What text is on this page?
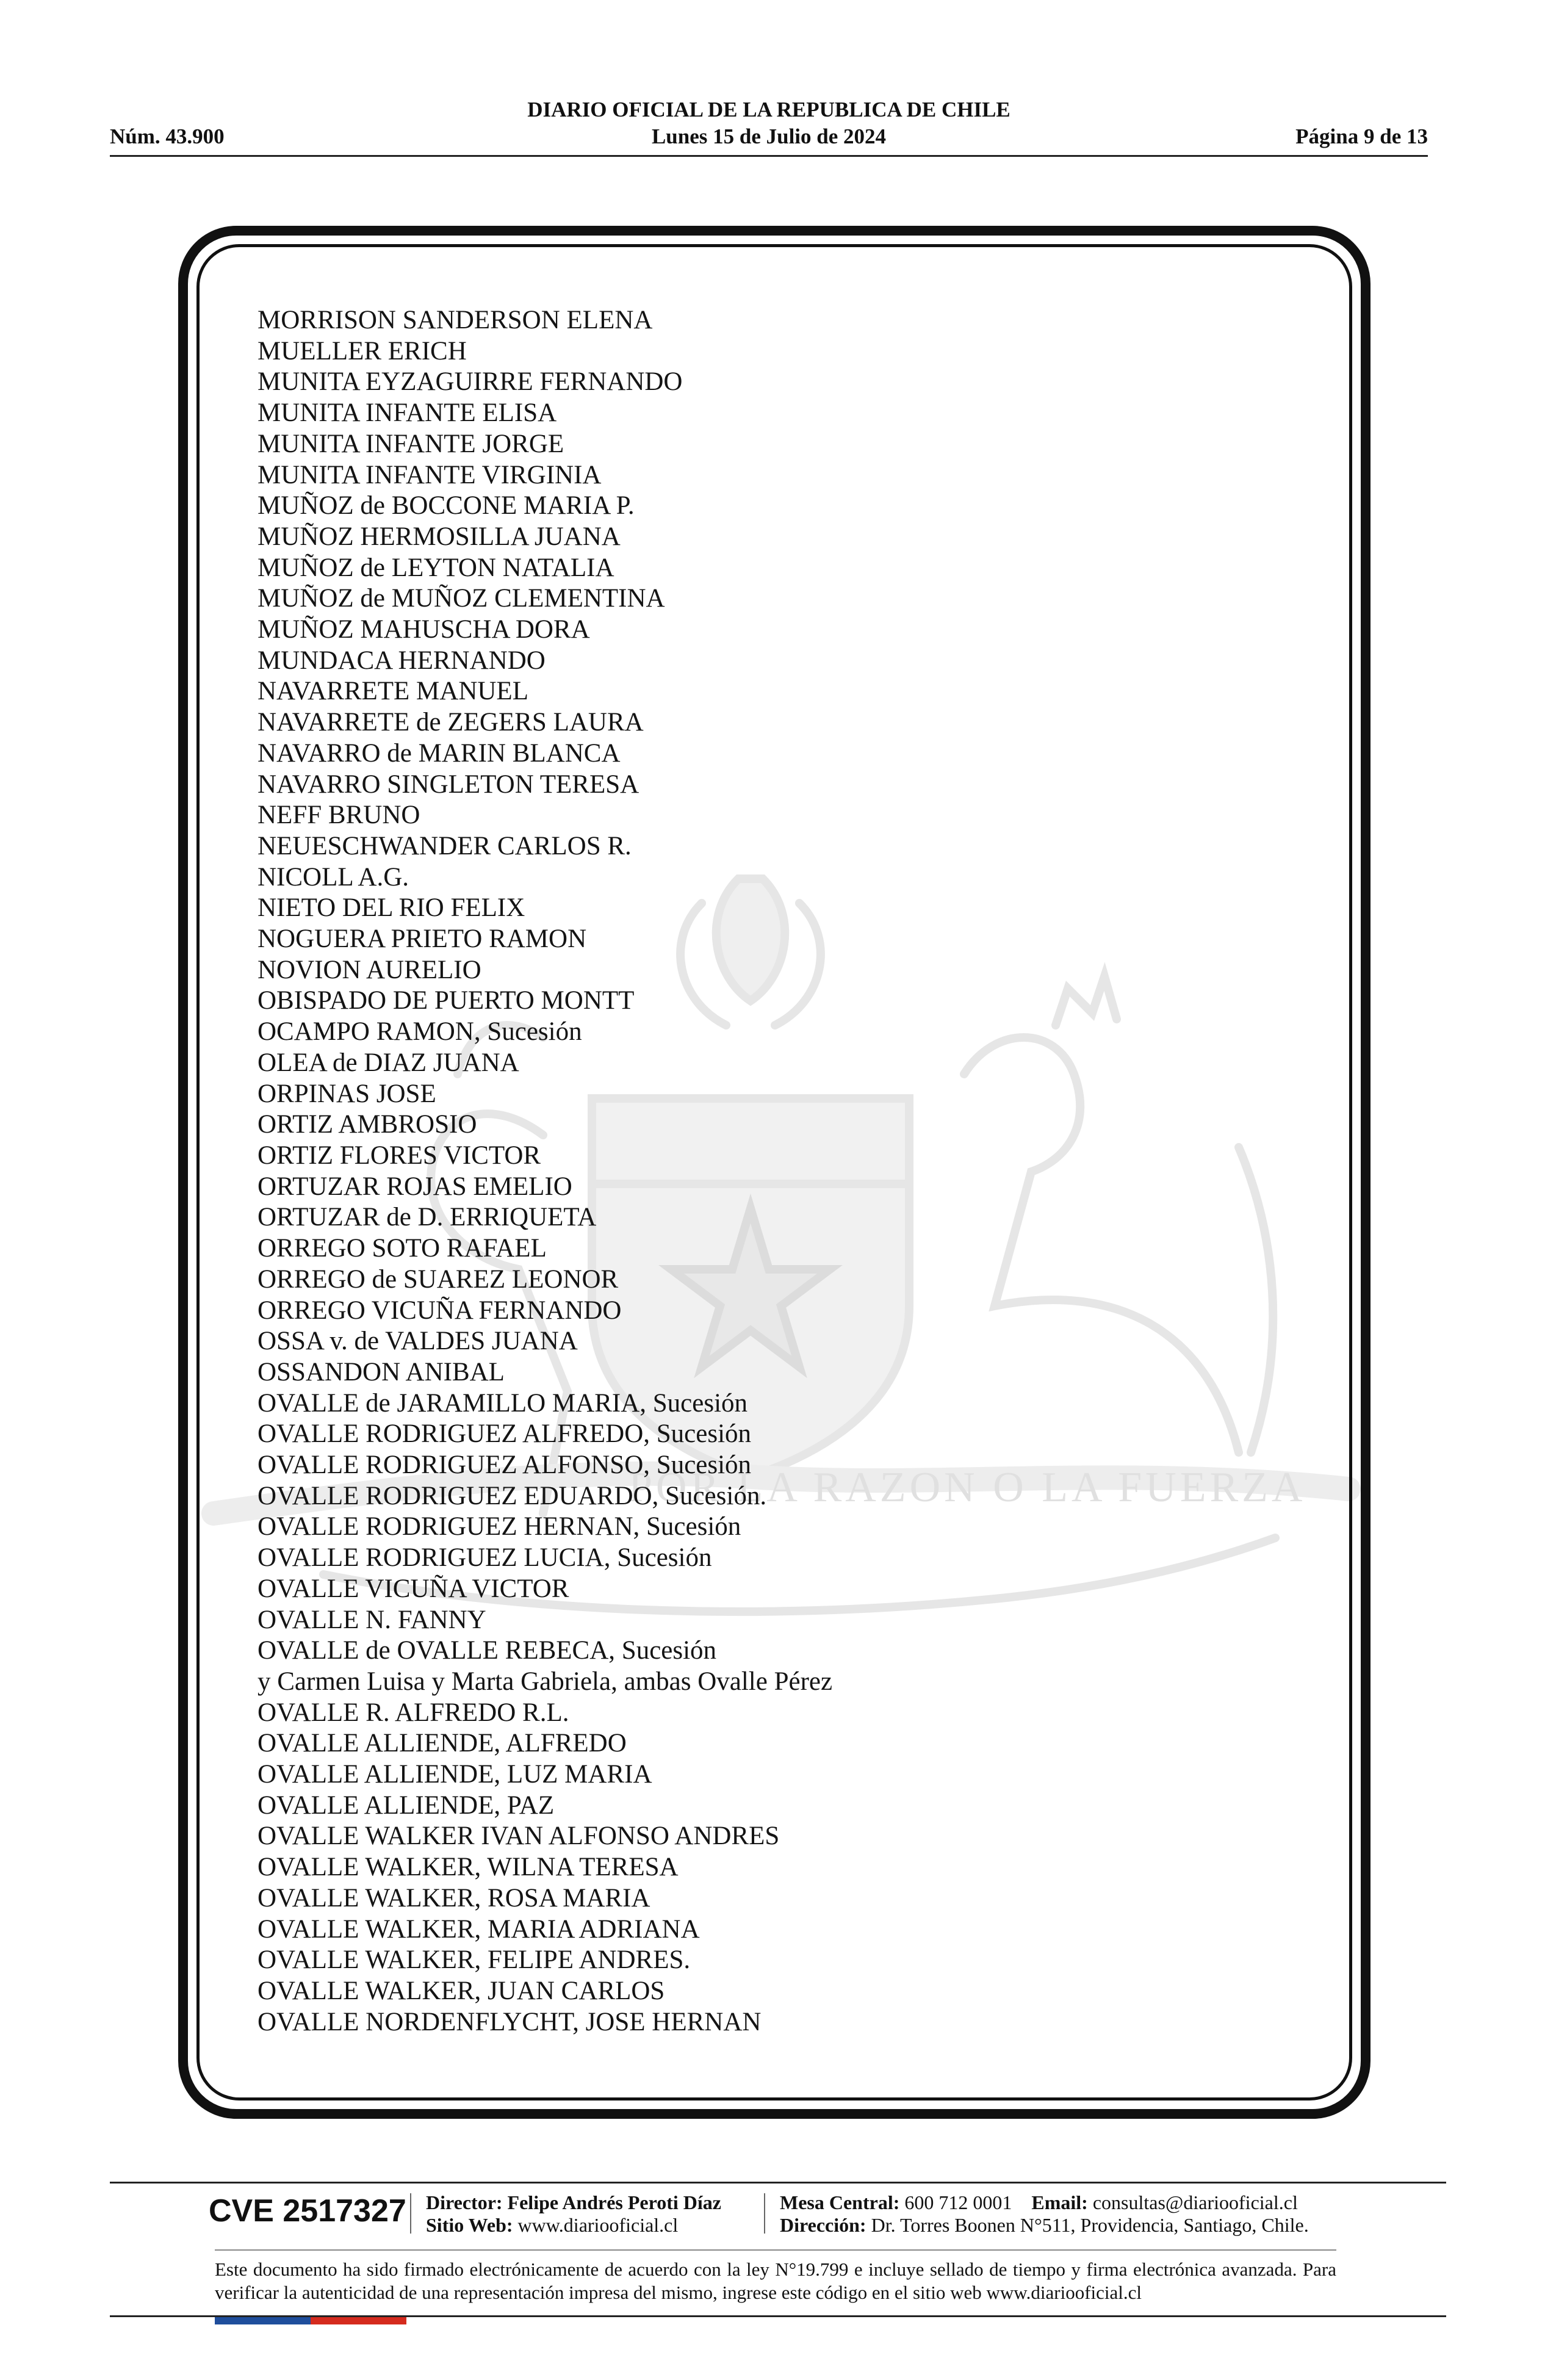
DIARIO OFICIAL DE LA REPUBLICA DE CHILE
Lunes 15 de Julio de 2024
Núm. 43.900	Página 9 de 13
POR LA RAZON O LA FUERZA
MORRISON SANDERSON ELENA
MUELLER ERICH
MUNITA EYZAGUIRRE FERNANDO
MUNITA INFANTE ELISA
MUNITA INFANTE JORGE
MUNITA INFANTE VIRGINIA
MUÑOZ de BOCCONE MARIA P.
MUÑOZ HERMOSILLA JUANA
MUÑOZ de LEYTON NATALIA
MUÑOZ de MUÑOZ CLEMENTINA
MUÑOZ MAHUSCHA DORA
MUNDACA HERNANDO
NAVARRETE MANUEL
NAVARRETE de ZEGERS LAURA
NAVARRO de MARIN BLANCA
NAVARRO SINGLETON TERESA
NEFF BRUNO
NEUESCHWANDER CARLOS R.
NICOLL A.G.
NIETO DEL RIO FELIX
NOGUERA PRIETO RAMON
NOVION AURELIO
OBISPADO DE PUERTO MONTT
OCAMPO RAMON, Sucesión
OLEA de DIAZ JUANA
ORPINAS JOSE
ORTIZ AMBROSIO
ORTIZ FLORES VICTOR
ORTUZAR ROJAS EMELIO
ORTUZAR de D. ERRIQUETA
ORREGO SOTO RAFAEL
ORREGO de SUAREZ LEONOR
ORREGO VICUÑA FERNANDO
OSSA v. de VALDES JUANA
OSSANDON ANIBAL
OVALLE de JARAMILLO MARIA, Sucesión
OVALLE RODRIGUEZ ALFREDO, Sucesión
OVALLE RODRIGUEZ ALFONSO, Sucesión
OVALLE RODRIGUEZ EDUARDO, Sucesión.
OVALLE RODRIGUEZ HERNAN, Sucesión
OVALLE RODRIGUEZ LUCIA, Sucesión
OVALLE VICUÑA VICTOR
OVALLE N. FANNY
OVALLE de OVALLE REBECA, Sucesión
y Carmen Luisa y Marta Gabriela, ambas Ovalle Pérez
OVALLE R. ALFREDO R.L.
OVALLE ALLIENDE, ALFREDO
OVALLE ALLIENDE, LUZ MARIA
OVALLE ALLIENDE, PAZ
OVALLE WALKER IVAN ALFONSO ANDRES
OVALLE WALKER, WILNA TERESA
OVALLE WALKER, ROSA MARIA
OVALLE WALKER, MARIA ADRIANA
OVALLE WALKER, FELIPE ANDRES.
OVALLE WALKER, JUAN CARLOS
OVALLE NORDENFLYCHT, JOSE HERNAN
CVE 2517327 Director: Felipe Andrés Peroti Díaz
Sitio Web: www.diariooficial.cl
Mesa Central: 600 712 0001 Email: consultas@diariooficial.cl
Dirección: Dr. Torres Boonen N°511, Providencia, Santiago, Chile.
Este documento ha sido firmado electrónicamente de acuerdo con la ley N°19.799 e incluye sellado de tiempo y firma electrónica avanzada. Para verificar la autenticidad de una representación impresa del mismo, ingrese este código en el sitio web www.diariooficial.cl
